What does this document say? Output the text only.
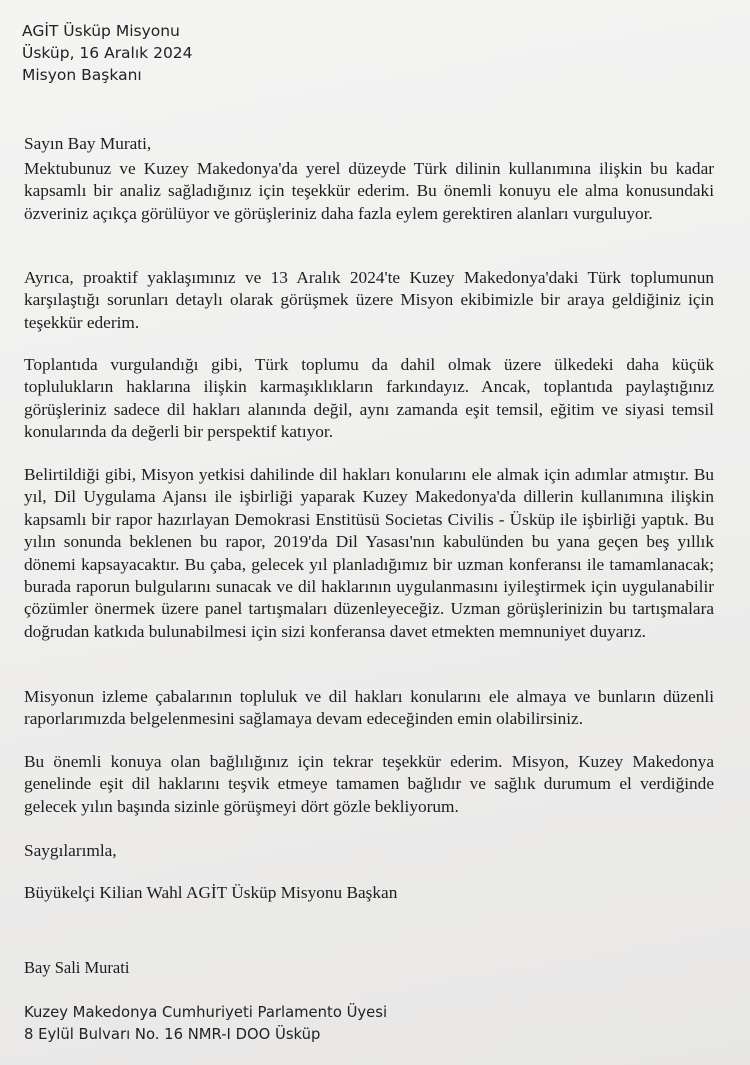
AGİT Üsküp Misyonu
Üsküp, 16 Aralık 2024
Misyon Başkanı
Sayın Bay Murati,
Mektubunuz ve Kuzey Makedonya'da yerel düzeyde Türk dilinin kullanımına ilişkin bu kadar kapsamlı bir analiz sağladığınız için teşekkür ederim. Bu önemli konuyu ele alma konusundaki özveriniz açıkça görülüyor ve görüşleriniz daha fazla eylem gerektiren alanları vurguluyor.
Ayrıca, proaktif yaklaşımınız ve 13 Aralık 2024'te Kuzey Makedonya'daki Türk toplumunun karşılaştığı sorunları detaylı olarak görüşmek üzere Misyon ekibimizle bir araya geldiğiniz için teşekkür ederim.
Toplantıda vurgulandığı gibi, Türk toplumu da dahil olmak üzere ülkedeki daha küçük toplulukların haklarına ilişkin karmaşıklıkların farkındayız. Ancak, toplantıda paylaştığınız görüşleriniz sadece dil hakları alanında değil, aynı zamanda eşit temsil, eğitim ve siyasi temsil konularında da değerli bir perspektif katıyor.
Belirtildiği gibi, Misyon yetkisi dahilinde dil hakları konularını ele almak için adımlar atmıştır. Bu yıl, Dil Uygulama Ajansı ile işbirliği yaparak Kuzey Makedonya'da dillerin kullanımına ilişkin kapsamlı bir rapor hazırlayan Demokrasi Enstitüsü Societas Civilis - Üsküp ile işbirliği yaptık. Bu yılın sonunda beklenen bu rapor, 2019'da Dil Yasası'nın kabulünden bu yana geçen beş yıllık dönemi kapsayacaktır. Bu çaba, gelecek yıl planladığımız bir uzman konferansı ile tamamlanacak; burada raporun bulgularını sunacak ve dil haklarının uygulanmasını iyileştirmek için uygulanabilir çözümler önermek üzere panel tartışmaları düzenleyeceğiz. Uzman görüşlerinizin bu tartışmalara doğrudan katkıda bulunabilmesi için sizi konferansa davet etmekten memnuniyet duyarız.
Misyonun izleme çabalarının topluluk ve dil hakları konularını ele almaya ve bunların düzenli raporlarımızda belgelenmesini sağlamaya devam edeceğinden emin olabilirsiniz.
Bu önemli konuya olan bağlılığınız için tekrar teşekkür ederim. Misyon, Kuzey Makedonya genelinde eşit dil haklarını teşvik etmeye tamamen bağlıdır ve sağlık durumum el verdiğinde gelecek yılın başında sizinle görüşmeyi dört gözle bekliyorum.
Saygılarımla,
Büyükelçi Kilian Wahl AGİT Üsküp Misyonu Başkan
Bay Sali Murati
Kuzey Makedonya Cumhuriyeti Parlamento Üyesi
8 Eylül Bulvarı No. 16 NMR-I DOO Üsküp
